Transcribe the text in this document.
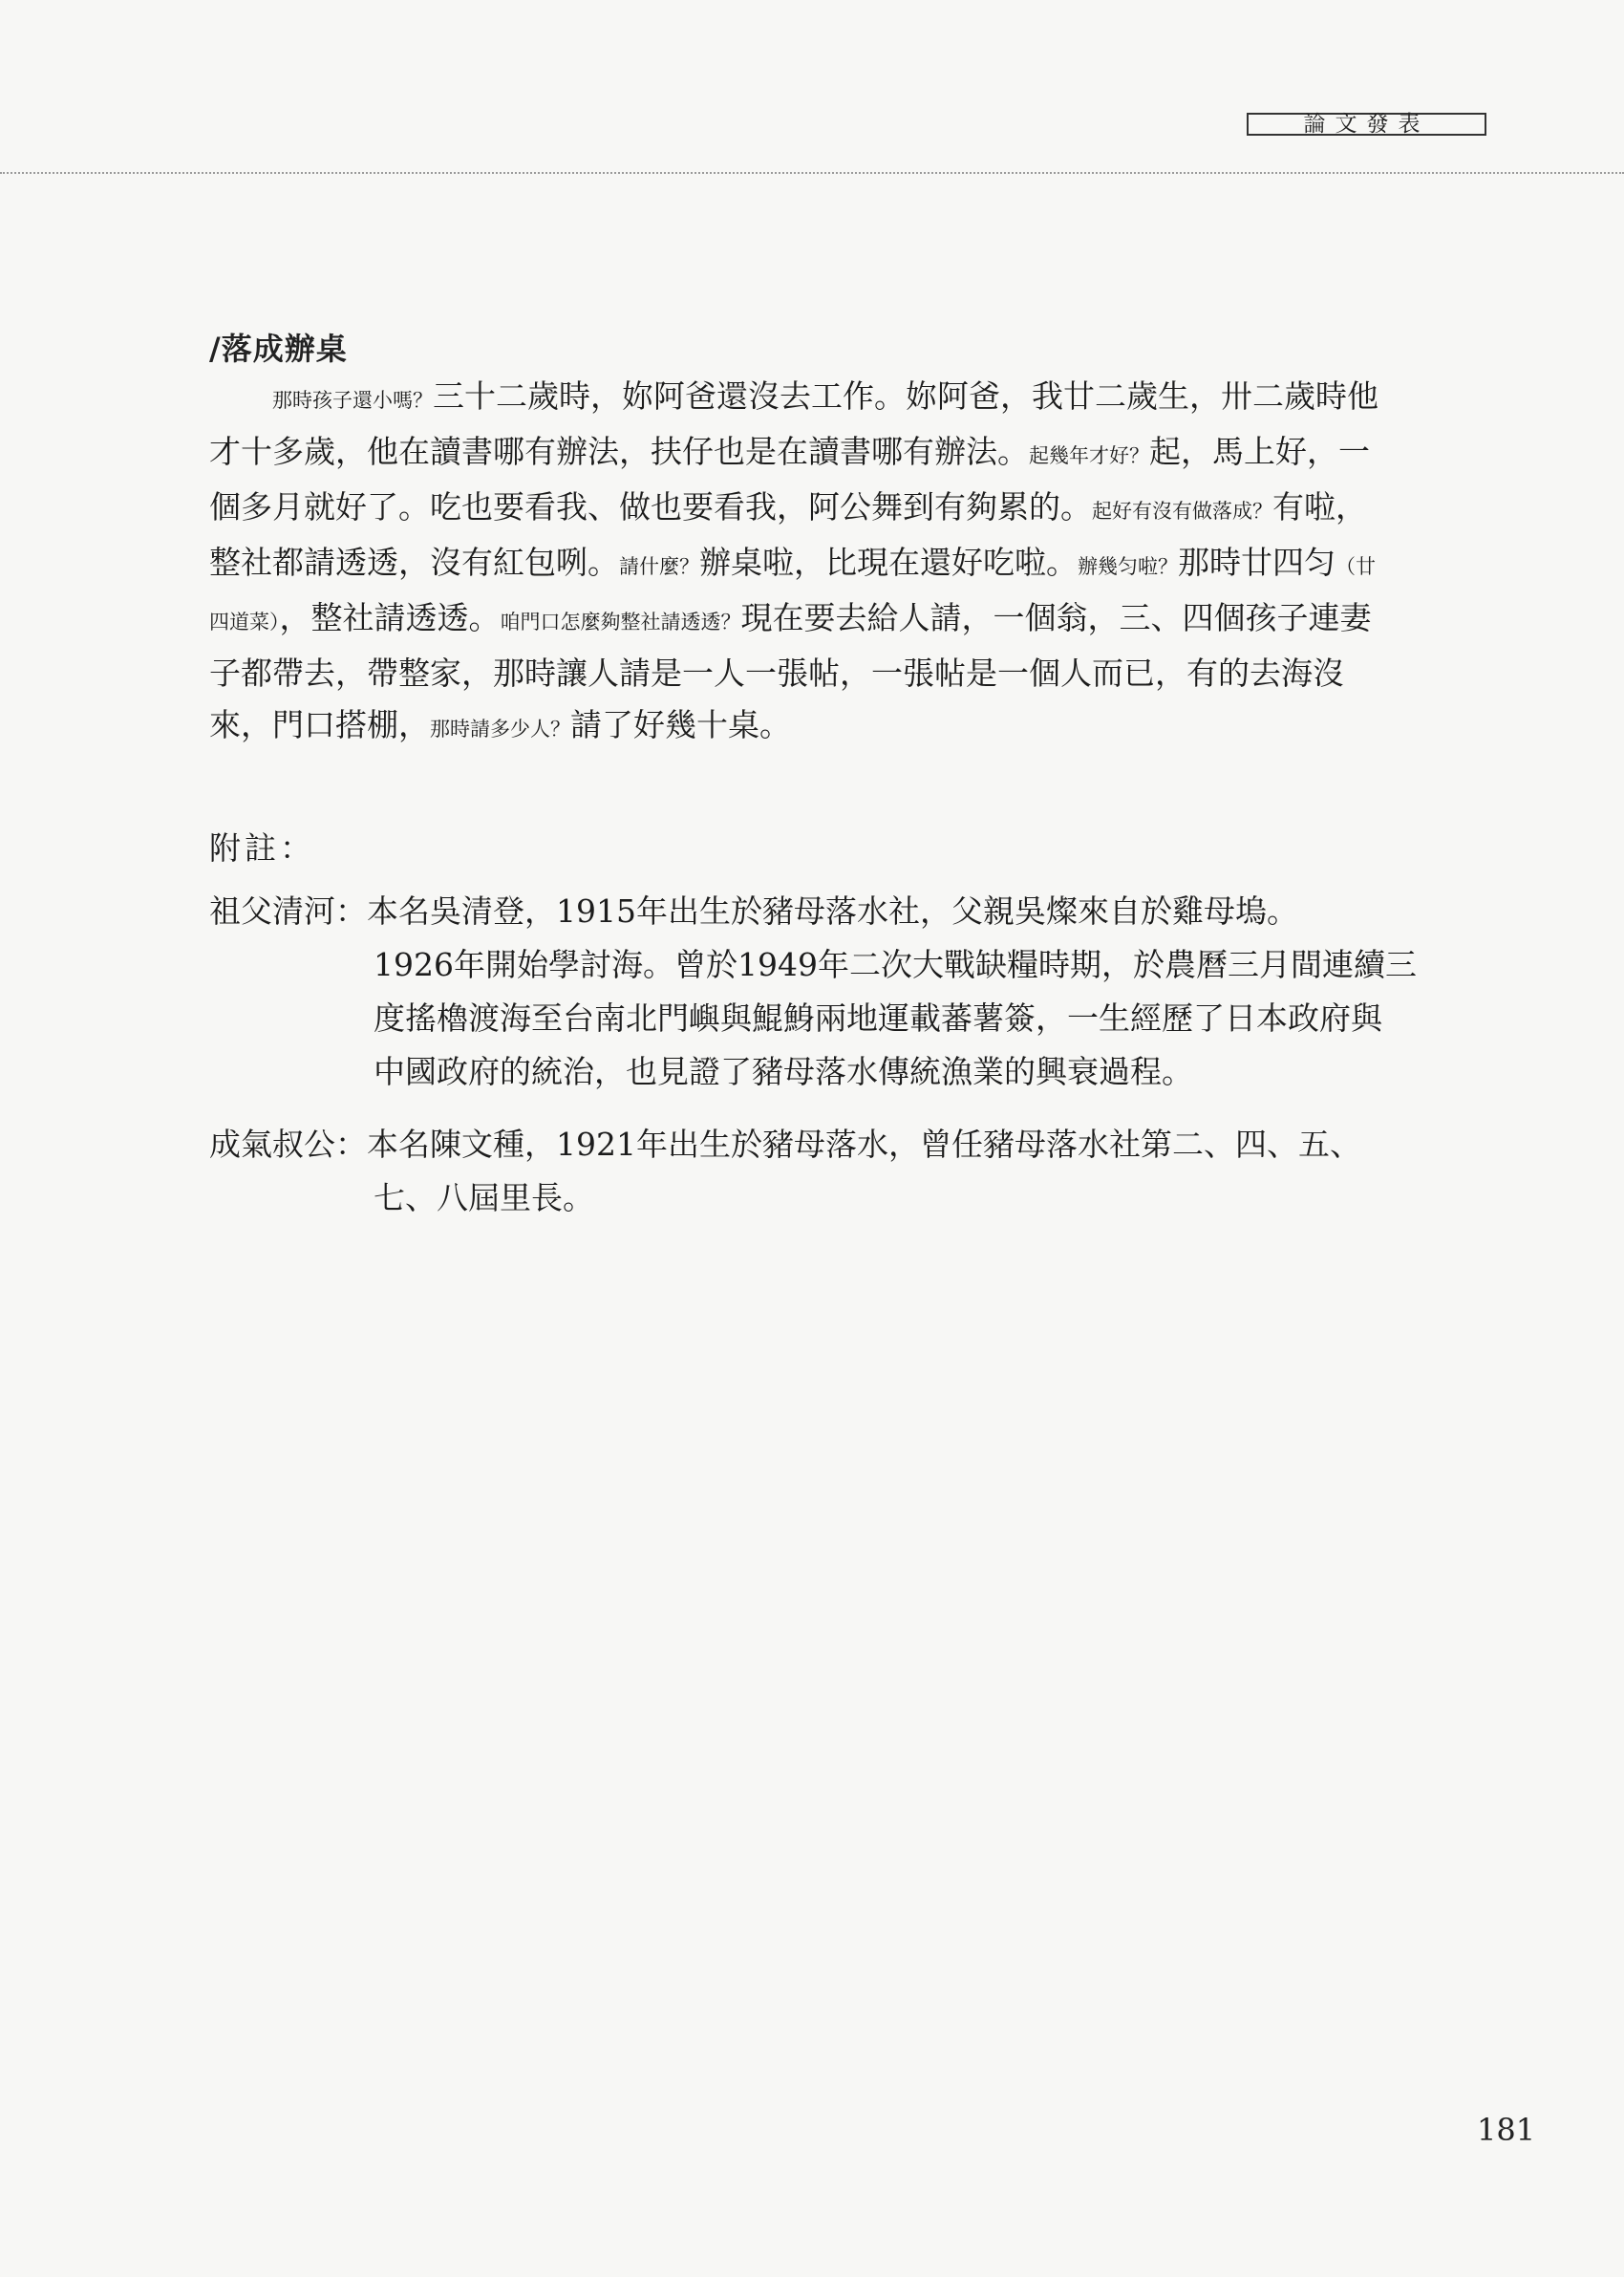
論文發表
/落成辦桌
那時孩子還小嗎？三十二歲時，妳阿爸還沒去工作。妳阿爸，我廿二歲生，卅二歲時他
才十多歲，他在讀書哪有辦法，扶仔也是在讀書哪有辦法。起幾年才好？起，馬上好，一
個多月就好了。吃也要看我、做也要看我，阿公舞到有夠累的。起好有沒有做落成？有啦，
整社都請透透，沒有紅包咧。請什麼？辦桌啦，比現在還好吃啦。辦幾匀啦？那時廿四匀（廿
四道菜），整社請透透。咱門口怎麼夠整社請透透？現在要去給人請，一個翁，三、四個孩子連妻
子都帶去，帶整家，那時讓人請是一人一張帖，一張帖是一個人而已，有的去海沒
來，門口搭棚，那時請多少人？請了好幾十桌。
附註：
祖父清河：本名吳清登，1915年出生於豬母落水社，父親吳燦來自於雞母塢。
1926年開始學討海。曾於1949年二次大戰缺糧時期，於農曆三月間連續三
度搖櫓渡海至台南北門嶼與鯤鯓兩地運載蕃薯簽，一生經歷了日本政府與
中國政府的統治，也見證了豬母落水傳統漁業的興衰過程。
成氣叔公：本名陳文種，1921年出生於豬母落水，曾任豬母落水社第二、四、五、
七、八屆里長。
181
